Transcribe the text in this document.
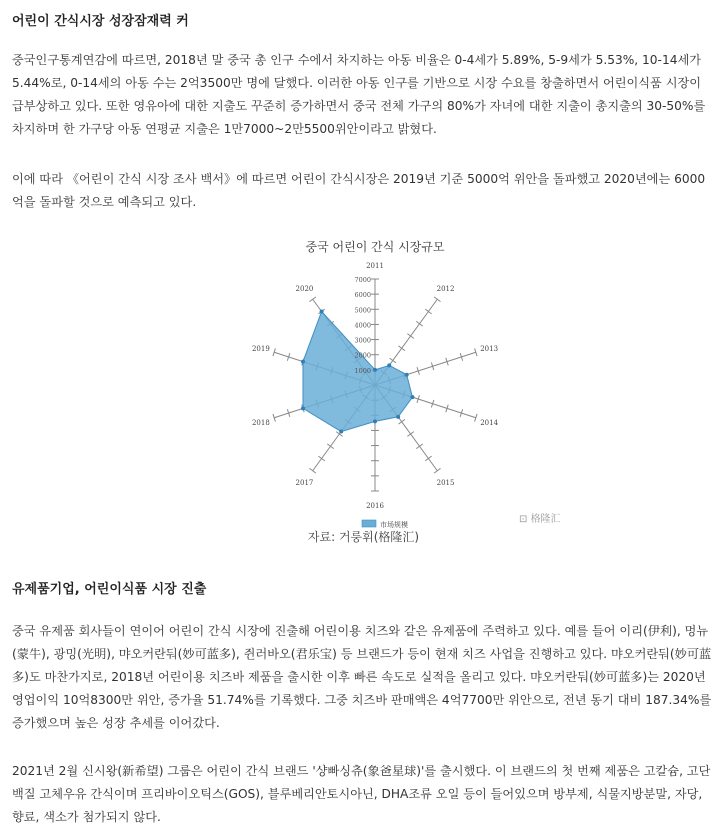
어린이 간식시장 성장잠재력 커

중국인구통계연감에 따르면, 2018년 말 중국 총 인구 수에서 차지하는 아동 비율은 0-4세가 5.89%, 5-9세가 5.53%, 10-14세가 5.44%로, 0-14세의 아동 수는 2억3500만 명에 달했다. 이러한 아동 인구를 기반으로 시장 수요를 창출하면서 어린이식품 시장이 급부상하고 있다. 또한 영유아에 대한 지출도 꾸준히 증가하면서 중국 전체 가구의 80%가 자녀에 대한 지출이 총지출의 30-50%를 차지하며 한 가구당 아동 연평균 지출은 1만7000~2만5500위안이라고 밝혔다.

이에 따라 《어린이 간식 시장 조사 백서》에 따르면 어린이 간식시장은 2019년 기준 5000억 위안을 돌파했고 2020년에는 6000억을 돌파할 것으로 예측되고 있다.

중국 어린이 간식 시장규모
1000
2000
3000
4000
5000
6000
7000
2011
2012
2013
2014
2015
2016
2017
2018
2019
2020
市场规模	⊡ 格隆汇
자료: 거룽휘(格隆汇)
유제품기업, 어린이식품 시장 진출

중국 유제품 회사들이 연이어 어린이 간식 시장에 진출해 어린이용 치즈와 같은 유제품에 주력하고 있다. 예를 들어 이리(伊利), 멍뉴(蒙牛), 광밍(光明), 먀오커란둬(妙可蓝多), 쥔러바오(君乐宝) 등 브랜드가 등이 현재 치즈 사업을 진행하고 있다. 먀오커란둬(妙可蓝多)도 마찬가지로, 2018년 어린이용 치즈바 제품을 출시한 이후 빠른 속도로 실적을 올리고 있다. 먀오커란둬(妙可蓝多)는 2020년 영업이익 10억8300만 위안, 증가율 51.74%를 기록했다. 그중 치즈바 판매액은 4억7700만 위안으로, 전년 동기 대비 187.34%를 증가했으며 높은 성장 추세를 이어갔다.

2021년 2월 신시왕(新希望) 그룹은 어린이 간식 브랜드 '샹빠싱츄(象爸星球)'를 출시했다. 이 브랜드의 첫 번째 제품은 고칼슘, 고단백질 고체우유 간식이며 프리바이오틱스(GOS), 블루베리안토시아닌, DHA조류 오일 등이 들어있으며 방부제, 식물지방분말, 자당, 향료, 색소가 첨가되지 않다.
